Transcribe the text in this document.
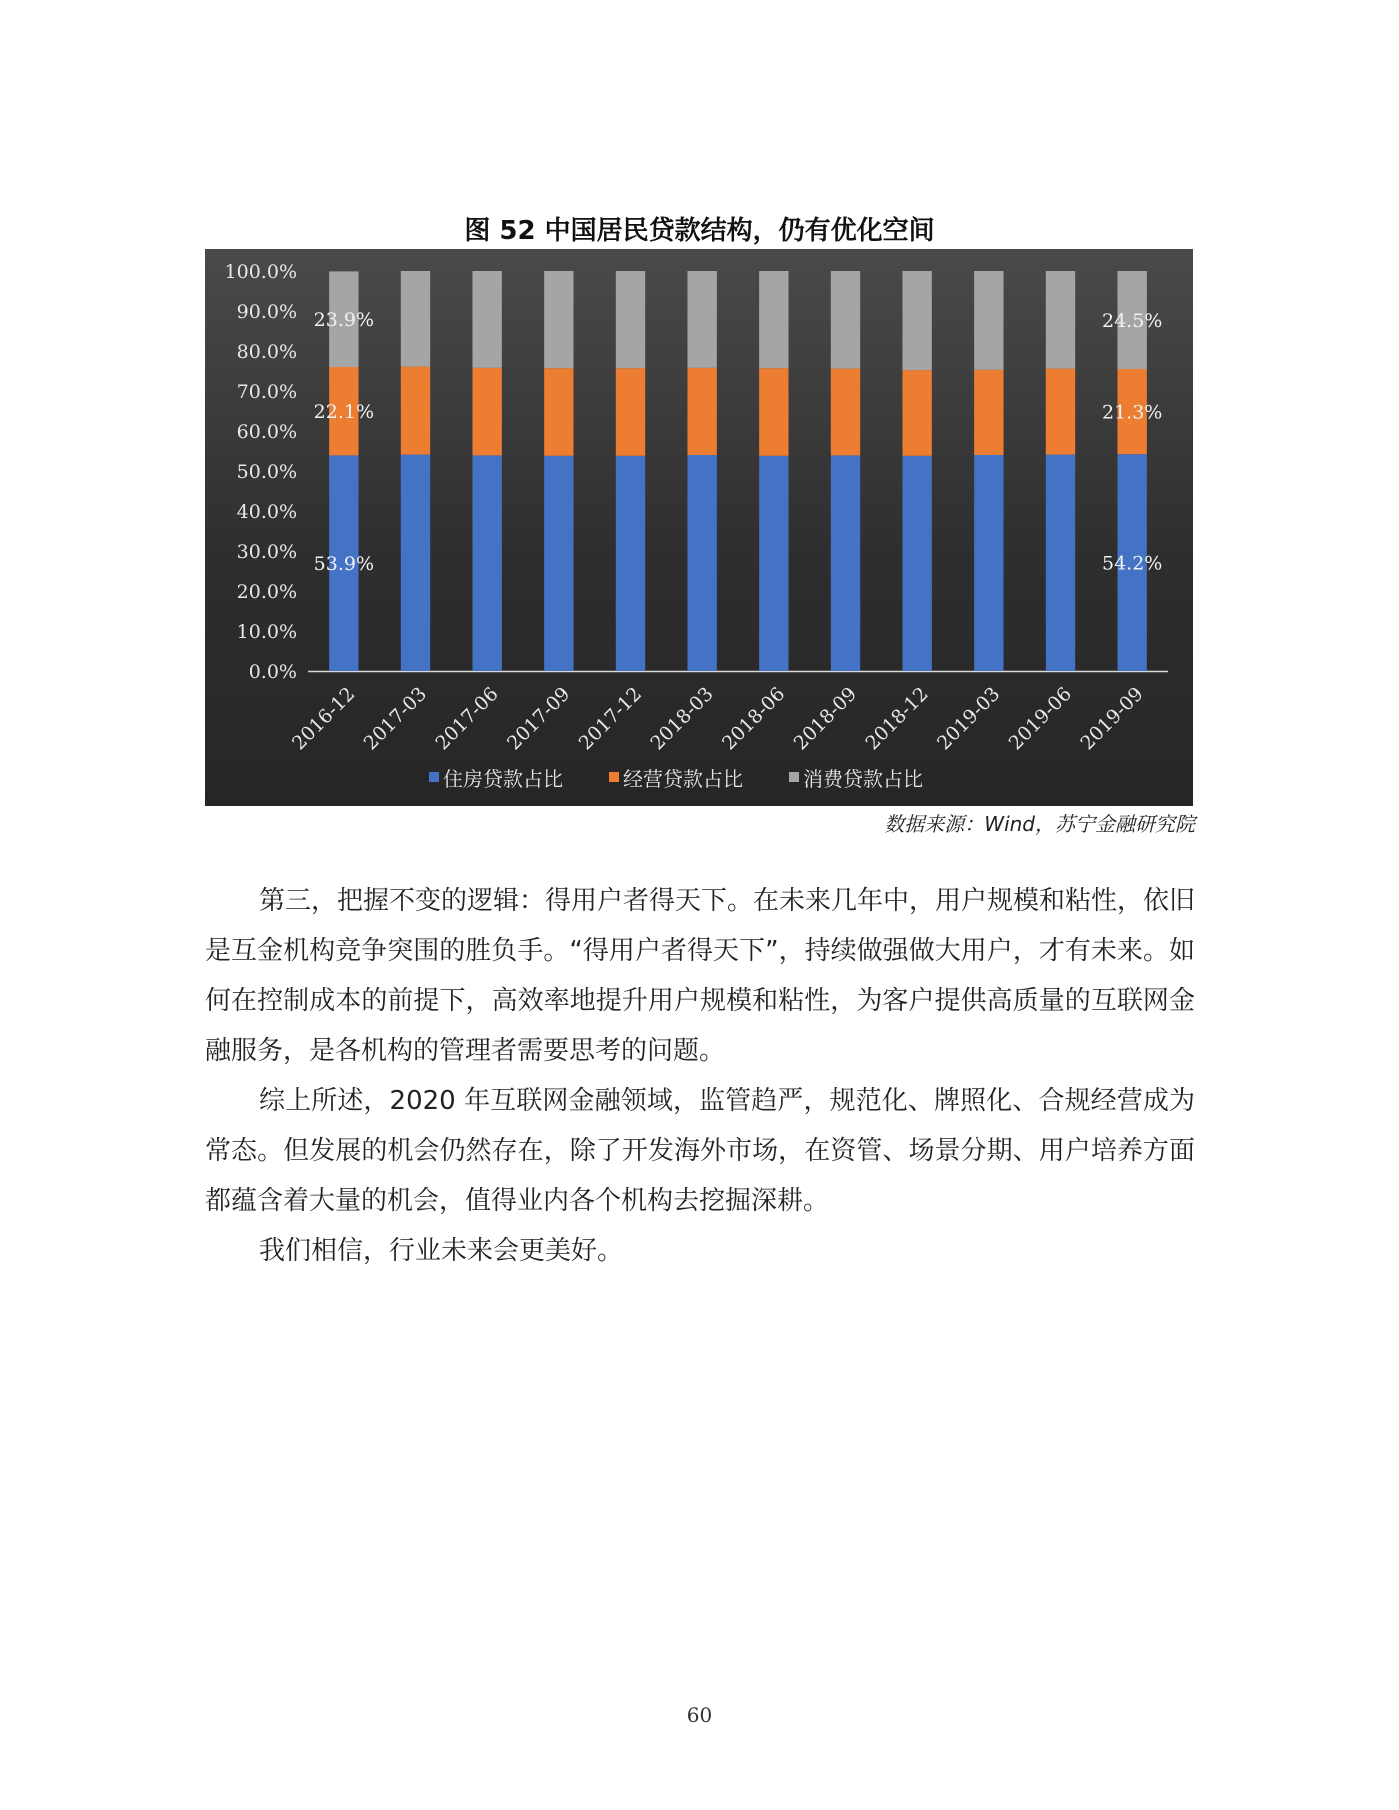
图 52 中国居民贷款结构，仍有优化空间
0.0%
10.0%
20.0%
30.0%
40.0%
50.0%
60.0%
70.0%
80.0%
90.0%
100.0%
2016-12 2017-03 2017-06 2017-09 2017-12 2018-03 2018-06 2018-09 2018-12 2019-03 2019-06 2019-09
53.9%
22.1%
23.9%
54.2%
21.3%
24.5%
住房贷款占比	经营贷款占比	消费贷款占比
数据来源：Wind，苏宁金融研究院

第三，把握不变的逻辑：得用户者得天下。在未来几年中，用户规模和粘性，依旧是互金机构竞争突围的胜负手。“得用户者得天下”，持续做强做大用户，才有未来。如何在控制成本的前提下，高效率地提升用户规模和粘性，为客户提供高质量的互联网金融服务，是各机构的管理者需要思考的问题。

综上所述，2020 年互联网金融领域，监管趋严，规范化、牌照化、合规经营成为常态。但发展的机会仍然存在，除了开发海外市场，在资管、场景分期、用户培养方面都蕴含着大量的机会，值得业内各个机构去挖掘深耕。

我们相信，行业未来会更美好。

60
